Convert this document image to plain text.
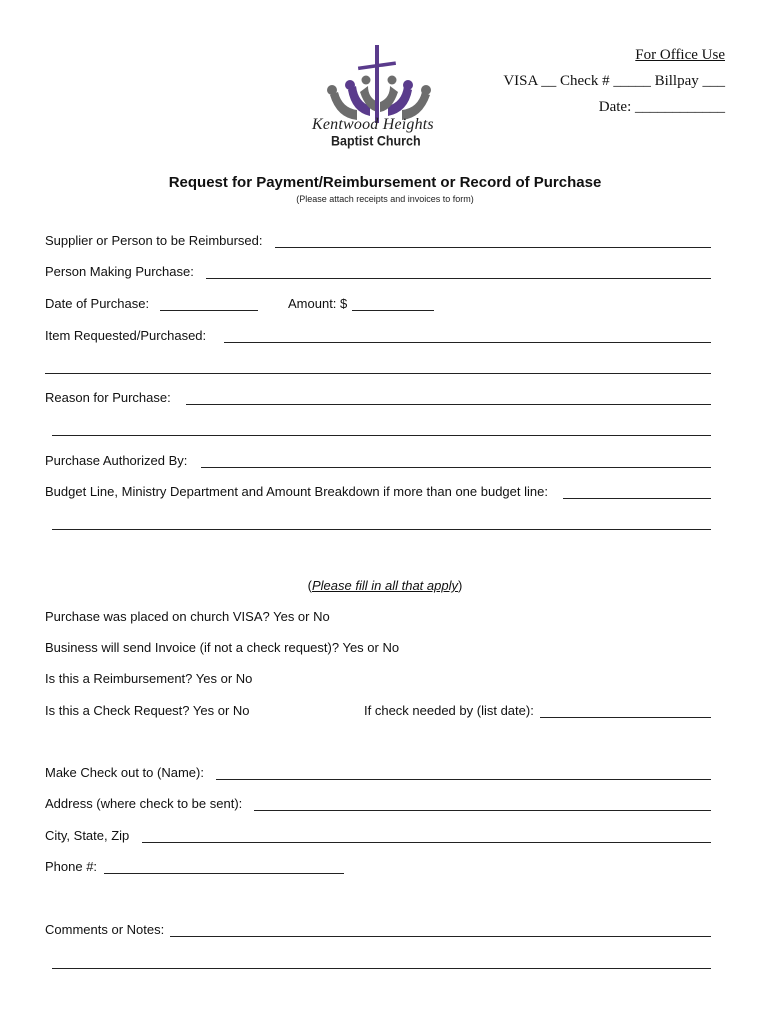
For Office Use
VISA __ Check # _____ Billpay ___
Date: ____________
Kentwood Heights
Baptist Church
Request for Payment/Reimbursement or Record of Purchase
(Please attach receipts and invoices to form)
Supplier or Person to be Reimbursed:
Person Making Purchase:
Date of Purchase:	Amount: $
Item Requested/Purchased:
Reason for Purchase:
Purchase Authorized By:
Budget Line, Ministry Department and Amount Breakdown if more than one budget line:
(Please fill in all that apply)
Purchase was placed on church VISA? Yes or No
Business will send Invoice (if not a check request)? Yes or No
Is this a Reimbursement? Yes or No
Is this a Check Request? Yes or No	If check needed by (list date):
Make Check out to (Name):
Address (where check to be sent):
City, State, Zip
Phone #:
Comments or Notes:
